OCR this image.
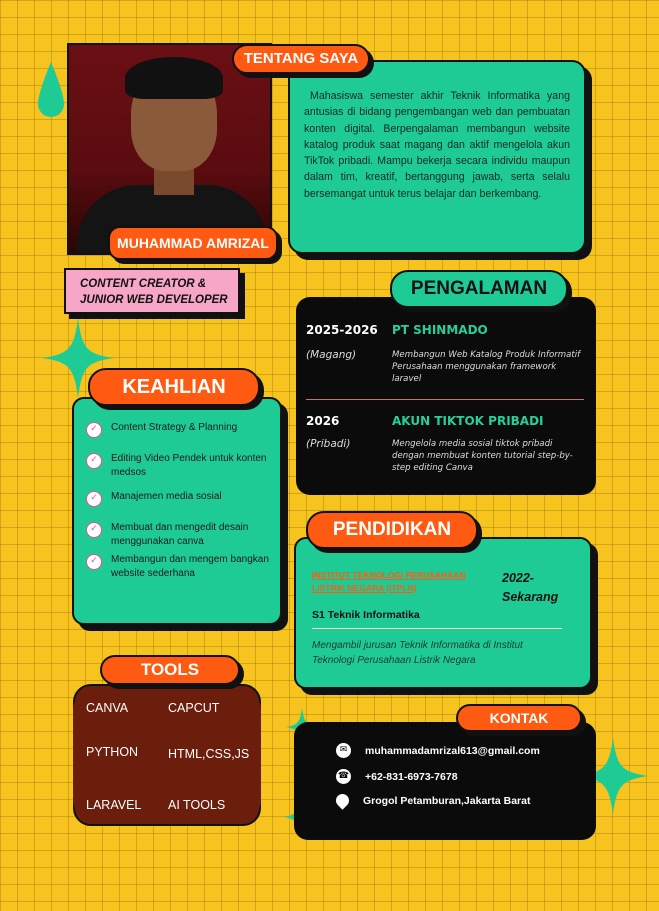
MUHAMMAD AMRIZAL
CONTENT CREATOR &
JUNIOR WEB DEVELOPER

Mahasiswa semester akhir Teknik Informatika yang antusias di bidang pengembangan web dan pembuatan konten digital. Berpengalaman membangun website katalog produk saat magang dan aktif mengelola akun TikTok pribadi. Mampu bekerja secara individu maupun dalam tim, kreatif, bertanggung jawab, serta selalu bersemangat untuk terus belajar dan berkembang.

TENTANG SAYA
2025-2026	PT SHINMADO
(Magang)	Membangun Web Katalog Produk Informatif Perusahaan menggunakan framework laravel
2026	AKUN TIKTOK PRIBADI
(Pribadi)	Mengelola media sosial tiktok pribadi dengan membuat konten tutorial step-by-step editing Canva
PENGALAMAN
✓	Content Strategy & Planning
✓	Editing Video Pendek untuk konten medsos
✓	Manajemen media sosial
✓	Membuat dan mengedit desain menggunakan canva
✓	Membangun dan mengem bangkan website sederhana
KEAHLIAN
INSTITUT TEKNOLOGI PERUSAHAAN LISTRIK NEGARA (ITPLN)
2022-Sekarang
S1 Teknik Informatika
Mengambil jurusan Teknik Informatika di Institut Teknologi Perusahaan Listrik Negara
PENDIDIKAN
CANVA	CAPCUT
PYTHON HTML,CSS,JS
LARAVEL AI TOOLS
TOOLS
✉	muhammadamrizal613@gmail.com
☎ +62-831-6973-7678
Grogol Petamburan,Jakarta Barat
KONTAK
